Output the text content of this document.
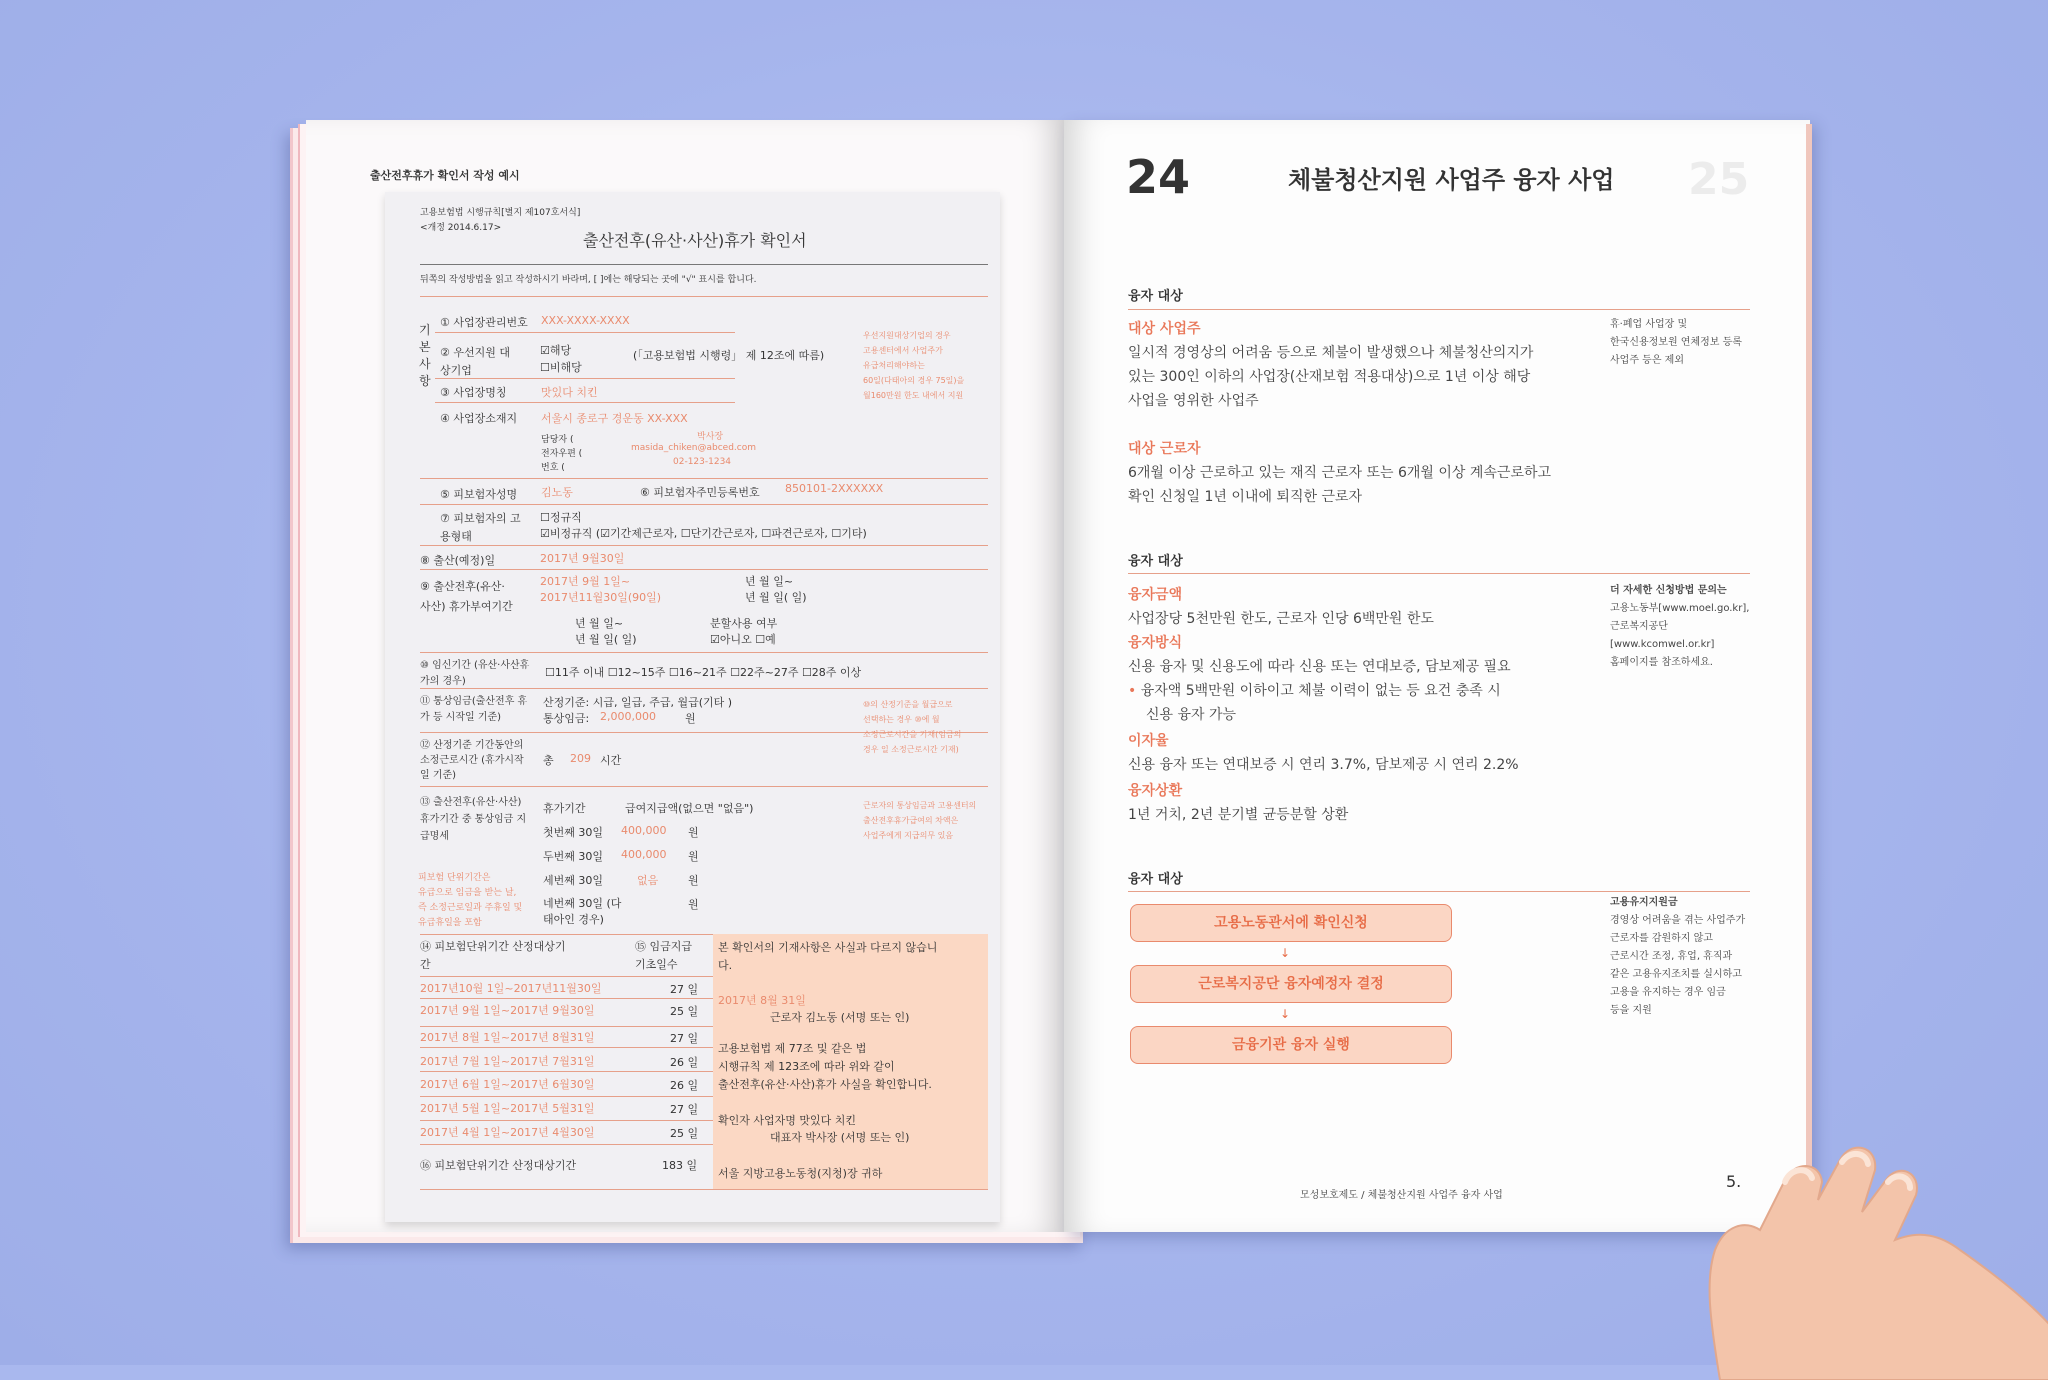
출산전후휴가 확인서 작성 예시
고용보험법 시행규칙[별지 제107호서식]
<개정 2014.6.17>
출산전후(유산·사산)휴가 확인서
뒤쪽의 작성방법을 읽고 작성하시기 바라며, [ ]에는 해당되는 곳에 "√" 표시를 합니다.
기본사항
① 사업장관리번호 XXX-XXXX-XXXX
② 우선지원 대상기업
☑해당
☐비해당
(「고용보험법 시행령」 제 12조에 따름)
③ 사업장명칭	맛있다 치킨
④ 사업장소재지 서울시 종로구 경운동 XX-XXX
담당자 (	박사장
전자우편 (
masida_chiken@abced.com
번호 (
02-123-1234
⑤ 피보험자성명 김노동	⑥ 피보험자주민등록번호 850101-2XXXXXX
⑦ 피보험자의 고용형태
☐정규직
☑비정규직 (☑기간제근로자, ☐단기간근로자, ☐파견근로자, ☐기타)
⑧ 출산(예정)일	2017년 9월30일
⑨ 출산전후(유산·사산) 휴가부여기간
2017년 9월 1일~
2017년11월30일(90일)
년 월 일~
년 월 일( 일)
년 월 일~
년 월 일( 일)
분할사용 여부
☑아니오 ☐예
⑩ 임신기간 (유산·사산휴가의 경우)
☐11주 이내 ☐12~15주 ☐16~21주 ☐22주~27주 ☐28주 이상
⑪ 통상임금(출산전후 휴가 등 시작일 기준)
산정기준: 시급, 일급, 주급, 월급(기타 )
통상임금: 2,000,000	원
⑫ 산정기준 기간동안의 소정근로시간 (휴가시작일 기준)
총 209 시간
⑬ 출산전후(유산·사산) 휴가기간 중 통상임금 지급명세
휴가기간	급여지급액(없으면 "없음")
첫번째 30일 400,000 원
두번째 30일 400,000 원
세번째 30일	없음	원
네번째 30일 (다태아인 경우)
원
⑭ 피보험단위기간 산정대상기간
⑮ 임금지급 기초일수
2017년10월 1일~2017년11월30일	27 일
2017년 9월 1일~2017년 9월30일	25 일
2017년 8월 1일~2017년 8월31일	27 일
2017년 7월 1일~2017년 7월31일	26 일
2017년 6월 1일~2017년 6월30일	26 일
2017년 5월 1일~2017년 5월31일	27 일
2017년 4월 1일~2017년 4월30일	25 일
⑯ 피보험단위기간 산정대상기간	183 일
본 확인서의 기재사항은 사실과 다르지 않습니다.
2017년 8월 31일
근로자 김노동 (서명 또는 인)
고용보험법 제 77조 및 같은 법
시행규칙 제 123조에 따라 위와 같이
출산전후(유산·사산)휴가 사실을 확인합니다.
확인자 사업자명 맛있다 치킨
대표자 박사장 (서명 또는 인)
서울 지방고용노동청(지청)장 귀하
우선지원대상기업의 경우
고용센터에서 사업주가
유급처리해야하는
60일(다태아의 경우 75일)을
월160만원 한도 내에서 지원
⑩의 산정기준을 월급으로
선택하는 경우 ⑩에 월
소정근로시간을 기재(임금의
경우 일 소정근로시간 기재)
근로자의 통상임금과 고용센터의
출산전후휴가급여의 차액은
사업주에게 지급의무 있음
피보험 단위기간은
유급으로 임금을 받는 날,
즉 소정근로일과 주휴일 및
유급휴일을 포함
25
24	체불청산지원 사업주 융자 사업
융자 대상
대상 사업주
일시적 경영상의 어려움 등으로 체불이 발생했으나 체불청산의지가
있는 300인 이하의 사업장(산재보험 적용대상)으로 1년 이상 해당
사업을 영위한 사업주
대상 근로자
6개월 이상 근로하고 있는 재직 근로자 또는 6개월 이상 계속근로하고
확인 신청일 1년 이내에 퇴직한 근로자
휴·폐업 사업장 및
한국신용정보원 연체정보 등록
사업주 등은 제외
융자 대상
융자금액
사업장당 5천만원 한도, 근로자 인당 6백만원 한도
융자방식
신용 융자 및 신용도에 따라 신용 또는 연대보증, 담보제공 필요
• 융자액 5백만원 이하이고 체불 이력이 없는 등 요건 충족 시
신용 융자 가능
이자율
신용 융자 또는 연대보증 시 연리 3.7%, 담보제공 시 연리 2.2%
융자상환
1년 거치, 2년 분기별 균등분할 상환
더 자세한 신청방법 문의는
고용노동부[www.moel.go.kr],
근로복지공단
[www.kcomwel.or.kr]
홈페이지를 참조하세요.
융자 대상
고용노동관서에 확인신청
↓
근로복지공단 융자예정자 결정
↓
금융기관 융자 실행
고용유지지원금
경영상 어려움을 겪는 사업주가
근로자를 감원하지 않고
근로시간 조정, 휴업, 휴직과
같은 고용유지조치를 실시하고
고용을 유지하는 경우 임금
등을 지원
모성보호제도 / 체불청산지원 사업주 융자 사업
5.
